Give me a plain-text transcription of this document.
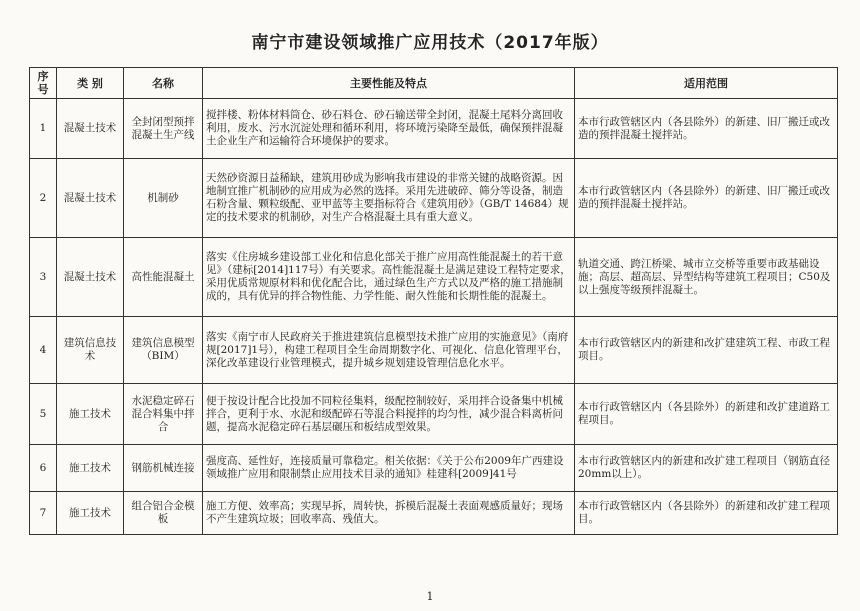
南宁市建设领域推广应用技术（2017年版）
序号	类 别	名称	主要性能及特点	适用范围
1	混凝土技术	全封闭型预拌混凝土生产线	搅拌楼、粉体材料筒仓、砂石料仓、砂石输送带全封闭，混凝土尾料分离回收利用，废水、污水沉淀处理和循环利用，将环境污染降至最低，确保预拌混凝土企业生产和运输符合环境保护的要求。	本市行政管辖区内（各县除外）的新建、旧厂搬迁或改造的预拌混凝土搅拌站。
2	混凝土技术	机制砂	天然砂资源日益稀缺，建筑用砂成为影响我市建设的非常关键的战略资源。因地制宜推广机制砂的应用成为必然的选择。采用先进破碎、筛分等设备，制造石粉含量、颗粒级配、亚甲蓝等主要指标符合《建筑用砂》（GB/T 14684）规定的技术要求的机制砂，对生产合格混凝土具有重大意义。	本市行政管辖区内（各县除外）的新建、旧厂搬迁或改造的预拌混凝土搅拌站。
3	混凝土技术	高性能混凝土	落实《住房城乡建设部工业化和信息化部关于推广应用高性能混凝土的若干意见》（建标[2014]117号）有关要求。高性能混凝土是满足建设工程特定要求，采用优质常规原材料和优化配合比，通过绿色生产方式以及严格的施工措施制成的，具有优异的拌合物性能、力学性能、耐久性能和长期性能的混凝土。	轨道交通、跨江桥梁、城市立交桥等重要市政基础设施；高层、超高层、异型结构等建筑工程项目；C50及以上强度等级预拌混凝土。
4	建筑信息技术	建筑信息模型（BIM）	落实《南宁市人民政府关于推进建筑信息模型技术推广应用的实施意见》（南府规[2017]1号），构建工程项目全生命周期数字化、可视化、信息化管理平台，深化改革建设行业管理模式，提升城乡规划建设管理信息化水平。	本市行政管辖区内的新建和改扩建建筑工程、市政工程项目。
5	施工技术	水泥稳定碎石混合料集中拌合	便于按设计配合比投加不同粒径集料，级配控制较好，采用拌合设备集中机械拌合，更利于水、水泥和级配碎石等混合料搅拌的均匀性，减少混合料离析问题，提高水泥稳定碎石基层碾压和板结成型效果。	本市行政管辖区内（各县除外）的新建和改扩建道路工程项目。
6	施工技术	钢筋机械连接	强度高、延性好，连接质量可靠稳定。相关依据：《关于公布2009年广西建设领域推广应用和限制禁止应用技术目录的通知》桂建科[2009]41号	本市行政管辖区内的新建和改扩建工程项目（钢筋直径20mm以上）。
7	施工技术	组合铝合金模板	施工方便、效率高；实现早拆，周转快，拆模后混凝土表面观感质量好；现场不产生建筑垃圾；回收率高、残值大。	本市行政管辖区内（各县除外）的新建和改扩建工程项目。
1
